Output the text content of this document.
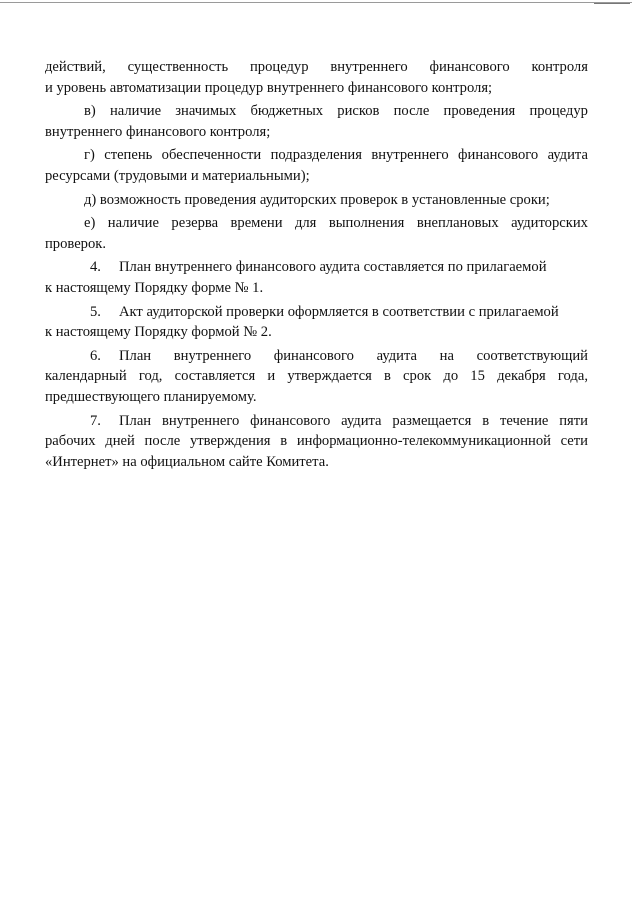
действий, существенность процедур внутреннего финансового контроля
и уровень автоматизации процедур внутреннего финансового контроля;
в) наличие значимых бюджетных рисков после проведения процедур
внутреннего финансового контроля;
г) степень обеспеченности подразделения внутреннего финансового аудита
ресурсами (трудовыми и материальными);
д) возможность проведения аудиторских проверок в установленные сроки;
е) наличие резерва времени для выполнения внеплановых аудиторских
проверок.
4. План внутреннего финансового аудита составляется по прилагаемой
к настоящему Порядку форме № 1.
5. Акт аудиторской проверки оформляется в соответствии с прилагаемой
к настоящему Порядку формой № 2.
6.	План внутреннего финансового аудита на соответствующий
календарный год, составляется и утверждается в срок до 15 декабря года,
предшествующего планируемому.
7.	План внутреннего финансового аудита размещается в течение пяти
рабочих дней после утверждения в информационно-телекоммуникационной сети
«Интернет» на официальном сайте Комитета.
